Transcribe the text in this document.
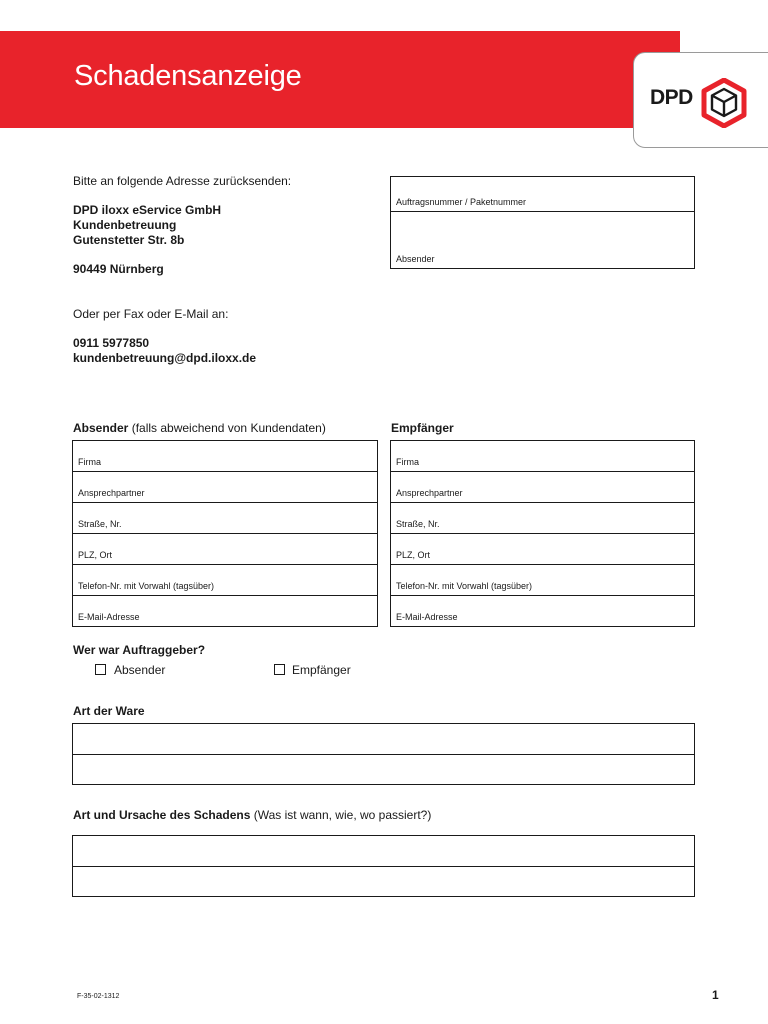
Schadensanzeige
DPD
Bitte an folgende Adresse zurücksenden:
DPD iloxx eService GmbH
Kundenbetreuung
Gutenstetter Str. 8b
90449 Nürnberg
Oder per Fax oder E-Mail an:
0911 5977850
kundenbetreuung@dpd.iloxx.de
Auftragsnummer / Paketnummer
Absender
Absender (falls abweichend von Kundendaten)	Empfänger
Firma
Ansprechpartner
Straße, Nr.
PLZ, Ort
Telefon-Nr. mit Vorwahl (tagsüber)
E-Mail-Adresse
Firma
Ansprechpartner
Straße, Nr.
PLZ, Ort
Telefon-Nr. mit Vorwahl (tagsüber)
E-Mail-Adresse
Wer war Auftraggeber?
Absender	Empfänger
Art der Ware
Art und Ursache des Schadens (Was ist wann, wie, wo passiert?)
F-35-02-1312	1
